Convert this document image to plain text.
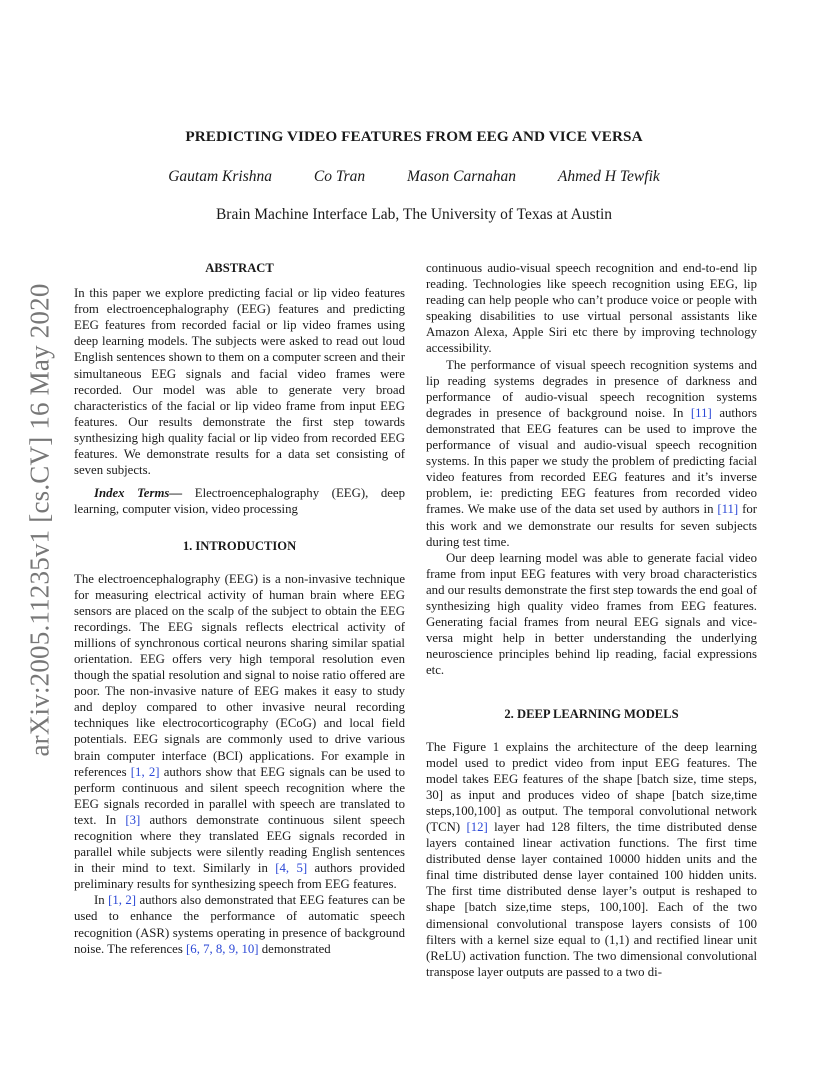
arXiv:2005.11235v1 [cs.CV] 16 May 2020
PREDICTING VIDEO FEATURES FROM EEG AND VICE VERSA
Gautam Krishna	Co Tran	Mason Carnahan	Ahmed H Tewfik
Brain Machine Interface Lab, The University of Texas at Austin

ABSTRACT

In this paper we explore predicting facial or lip video features from electroencephalography (EEG) features and predicting EEG features from recorded facial or lip video frames using deep learning models. The subjects were asked to read out loud English sentences shown to them on a computer screen and their simultaneous EEG signals and facial video frames were recorded. Our model was able to generate very broad characteristics of the facial or lip video frame from input EEG features. Our results demonstrate the first step towards synthesizing high quality facial or lip video from recorded EEG features. We demonstrate results for a data set consisting of seven subjects.

Index Terms— Electroencephalography (EEG), deep learning, computer vision, video processing

1. INTRODUCTION

The electroencephalography (EEG) is a non-invasive technique for measuring electrical activity of human brain where EEG sensors are placed on the scalp of the subject to obtain the EEG recordings. The EEG signals reflects electrical activity of millions of synchronous cortical neurons sharing similar spatial orientation. EEG offers very high temporal resolution even though the spatial resolution and signal to noise ratio offered are poor. The non-invasive nature of EEG makes it easy to study and deploy compared to other invasive neural recording techniques like electrocorticography (ECoG) and local field potentials. EEG signals are commonly used to drive various brain computer interface (BCI) applications. For example in references [1, 2] authors show that EEG signals can be used to perform continuous and silent speech recognition where the EEG signals recorded in parallel with speech are translated to text. In [3] authors demonstrate continuous silent speech recognition where they translated EEG signals recorded in parallel while subjects were silently reading English sentences in their mind to text. Similarly in [4, 5] authors provided preliminary results for synthesizing speech from EEG features.

In [1, 2] authors also demonstrated that EEG features can be used to enhance the performance of automatic speech recognition (ASR) systems operating in presence of background noise. The references [6, 7, 8, 9, 10] demonstrated

continuous audio-visual speech recognition and end-to-end lip reading. Technologies like speech recognition using EEG, lip reading can help people who can’t produce voice or people with speaking disabilities to use virtual personal assistants like Amazon Alexa, Apple Siri etc there by improving technology accessibility.

The performance of visual speech recognition systems and lip reading systems degrades in presence of darkness and performance of audio-visual speech recognition systems degrades in presence of background noise. In [11] authors demonstrated that EEG features can be used to improve the performance of visual and audio-visual speech recognition systems. In this paper we study the problem of predicting facial video features from recorded EEG features and it’s inverse problem, ie: predicting EEG features from recorded video frames. We make use of the data set used by authors in [11] for this work and we demonstrate our results for seven subjects during test time.

Our deep learning model was able to generate facial video frame from input EEG features with very broad characteristics and our results demonstrate the first step towards the end goal of synthesizing high quality video frames from EEG features. Generating facial frames from neural EEG signals and vice-versa might help in better understanding the underlying neuroscience principles behind lip reading, facial expressions etc.

2. DEEP LEARNING MODELS

The Figure 1 explains the architecture of the deep learning model used to predict video from input EEG features. The model takes EEG features of the shape [batch size, time steps, 30] as input and produces video of shape [batch size,time steps,100,100] as output. The temporal convolutional network (TCN) [12] layer had 128 filters, the time distributed dense layers contained linear activation functions. The first time distributed dense layer contained 10000 hidden units and the final time distributed dense layer contained 100 hidden units. The first time distributed dense layer’s output is reshaped to shape [batch size,time steps, 100,100]. Each of the two dimensional convolutional transpose layers consists of 100 filters with a kernel size equal to (1,1) and rectified linear unit (ReLU) activation function. The two dimensional convolutional transpose layer outputs are passed to a two di-
